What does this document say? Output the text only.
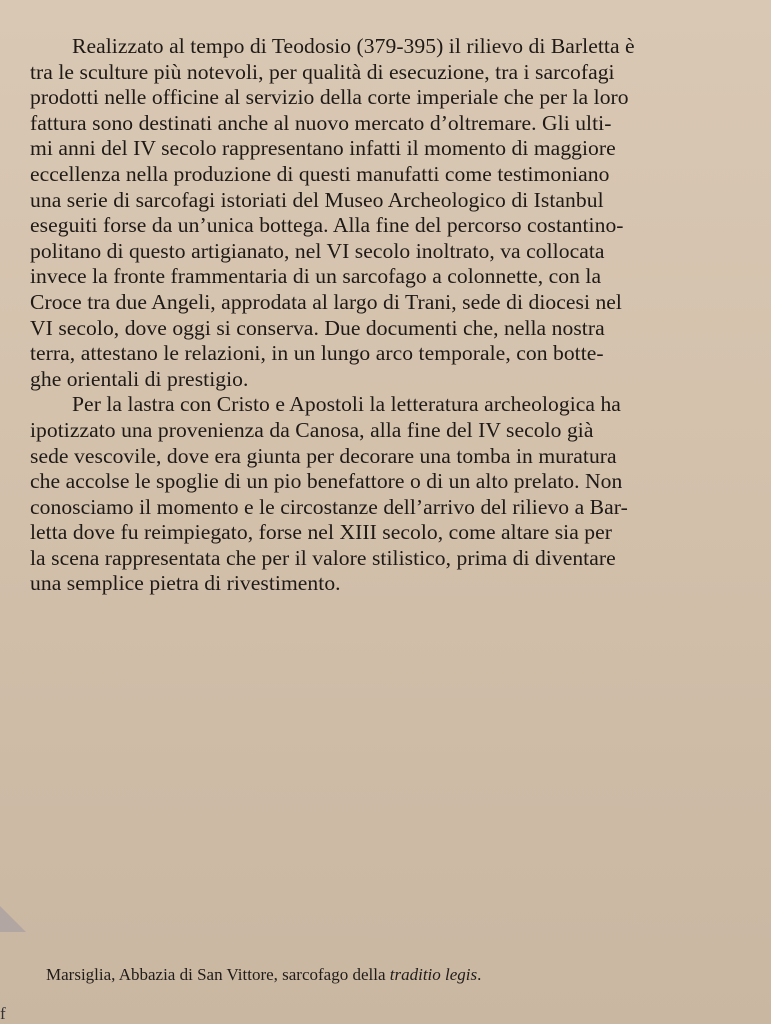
Realizzato al tempo di Teodosio (379-395) il rilievo di Barletta è
tra le sculture più notevoli, per qualità di esecuzione, tra i sarcofagi
prodotti nelle officine al servizio della corte imperiale che per la loro
fattura sono destinati anche al nuovo mercato d’oltremare. Gli ulti-
mi anni del IV secolo rappresentano infatti il momento di maggiore
eccellenza nella produzione di questi manufatti come testimoniano
una serie di sarcofagi istoriati del Museo Archeologico di Istanbul
eseguiti forse da un’unica bottega. Alla fine del percorso costantino-
politano di questo artigianato, nel VI secolo inoltrato, va collocata
invece la fronte frammentaria di un sarcofago a colonnette, con la
Croce tra due Angeli, approdata al largo di Trani, sede di diocesi nel
VI secolo, dove oggi si conserva. Due documenti che, nella nostra
terra, attestano le relazioni, in un lungo arco temporale, con botte-
ghe orientali di prestigio.
Per la lastra con Cristo e Apostoli la letteratura archeologica ha
ipotizzato una provenienza da Canosa, alla fine del IV secolo già
sede vescovile, dove era giunta per decorare una tomba in muratura
che accolse le spoglie di un pio benefattore o di un alto prelato. Non
conosciamo il momento e le circostanze dell’arrivo del rilievo a Bar-
letta dove fu reimpiegato, forse nel XIII secolo, come altare sia per
la scena rappresentata che per il valore stilistico, prima di diventare
una semplice pietra di rivestimento.
Marsiglia, Abbazia di San Vittore, sarcofago della traditio legis.
f
